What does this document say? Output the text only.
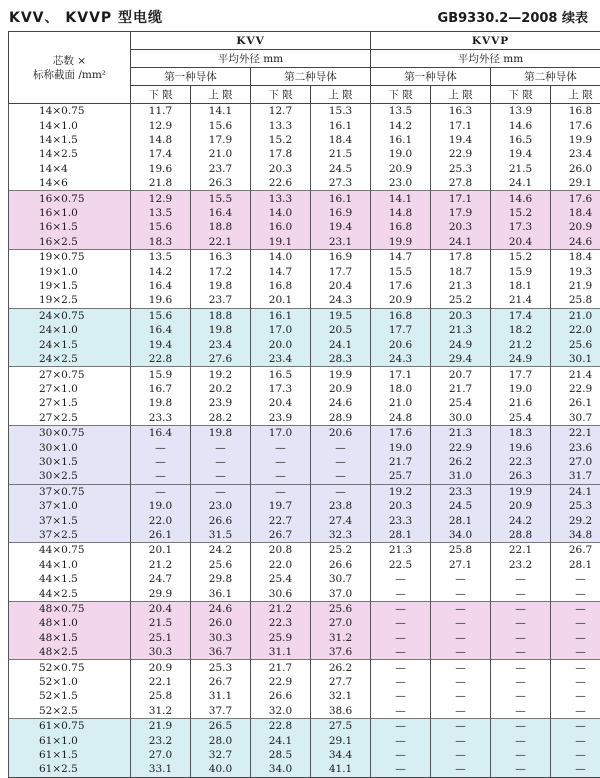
KVV、 KVVP 型电缆	GB9330.2—2008 续表
芯数 ×
标称截面 /mm²	KVV				KVVP			
	平均外径 mm				平均外径 mm			
	第一种导体		第二种导体		第一种导体		第二种导体	
	下 限	上 限	下 限	上 限	下 限	上 限	下 限	上 限
14×0.75	11.7	14.1	12.7	15.3	13.5	16.3	13.9	16.8
14×1.0	12.9	15.6	13.3	16.1	14.2	17.1	14.6	17.6
14×1.5	14.8	17.9	15.2	18.4	16.1	19.4	16.5	19.9
14×2.5	17.4	21.0	17.8	21.5	19.0	22.9	19.4	23.4
14×4	19.6	23.7	20.3	24.5	20.9	25.3	21.5	26.0
14×6	21.8	26.3	22.6	27.3	23.0	27.8	24.1	29.1
16×0.75	12.9	15.5	13.3	16.1	14.1	17.1	14.6	17.6
16×1.0	13.5	16.4	14.0	16.9	14.8	17.9	15.2	18.4
16×1.5	15.6	18.8	16.0	19.4	16.8	20.3	17.3	20.9
16×2.5	18.3	22.1	19.1	23.1	19.9	24.1	20.4	24.6
19×0.75	13.5	16.3	14.0	16.9	14.7	17.8	15.2	18.4
19×1.0	14.2	17.2	14.7	17.7	15.5	18.7	15.9	19.3
19×1.5	16.4	19.8	16.8	20.4	17.6	21.3	18.1	21.9
19×2.5	19.6	23.7	20.1	24.3	20.9	25.2	21.4	25.8
24×0.75	15.6	18.8	16.1	19.5	16.8	20.3	17.4	21.0
24×1.0	16.4	19.8	17.0	20.5	17.7	21.3	18.2	22.0
24×1.5	19.4	23.4	20.0	24.1	20.6	24.9	21.2	25.6
24×2.5	22.8	27.6	23.4	28.3	24.3	29.4	24.9	30.1
27×0.75	15.9	19.2	16.5	19.9	17.1	20.7	17.7	21.4
27×1.0	16.7	20.2	17.3	20.9	18.0	21.7	19.0	22.9
27×1.5	19.8	23.9	20.4	24.6	21.0	25.4	21.6	26.1
27×2.5	23.3	28.2	23.9	28.9	24.8	30.0	25.4	30.7
30×0.75	16.4	19.8	17.0	20.6	17.6	21.3	18.3	22.1
30×1.0	—	—	—	—	19.0	22.9	19.6	23.6
30×1.5	—	—	—	—	21.7	26.2	22.3	27.0
30×2.5	—	—	—	—	25.7	31.0	26.3	31.7
37×0.75	—	—	—	—	19.2	23.3	19.9	24.1
37×1.0	19.0	23.0	19.7	23.8	20.3	24.5	20.9	25.3
37×1.5	22.0	26.6	22.7	27.4	23.3	28.1	24.2	29.2
37×2.5	26.1	31.5	26.7	32.3	28.1	34.0	28.8	34.8
44×0.75	20.1	24.2	20.8	25.2	21.3	25.8	22.1	26.7
44×1.0	21.2	25.6	22.0	26.6	22.5	27.1	23.2	28.1
44×1.5	24.7	29.8	25.4	30.7	—	—	—	—
44×2.5	29.9	36.1	30.6	37.0	—	—	—	—
48×0.75	20.4	24.6	21.2	25.6	—	—	—	—
48×1.0	21.5	26.0	22.3	27.0	—	—	—	—
48×1.5	25.1	30.3	25.9	31.2	—	—	—	—
48×2.5	30.3	36.7	31.1	37.6	—	—	—	—
52×0.75	20.9	25.3	21.7	26.2	—	—	—	—
52×1.0	22.1	26.7	22.9	27.7	—	—	—	—
52×1.5	25.8	31.1	26.6	32.1	—	—	—	—
52×2.5	31.2	37.7	32.0	38.6	—	—	—	—
61×0.75	21.9	26.5	22.8	27.5	—	—	—	—
61×1.0	23.2	28.0	24.1	29.1	—	—	—	—
61×1.5	27.0	32.7	28.5	34.4	—	—	—	—
61×2.5	33.1	40.0	34.0	41.1	—	—	—	—
